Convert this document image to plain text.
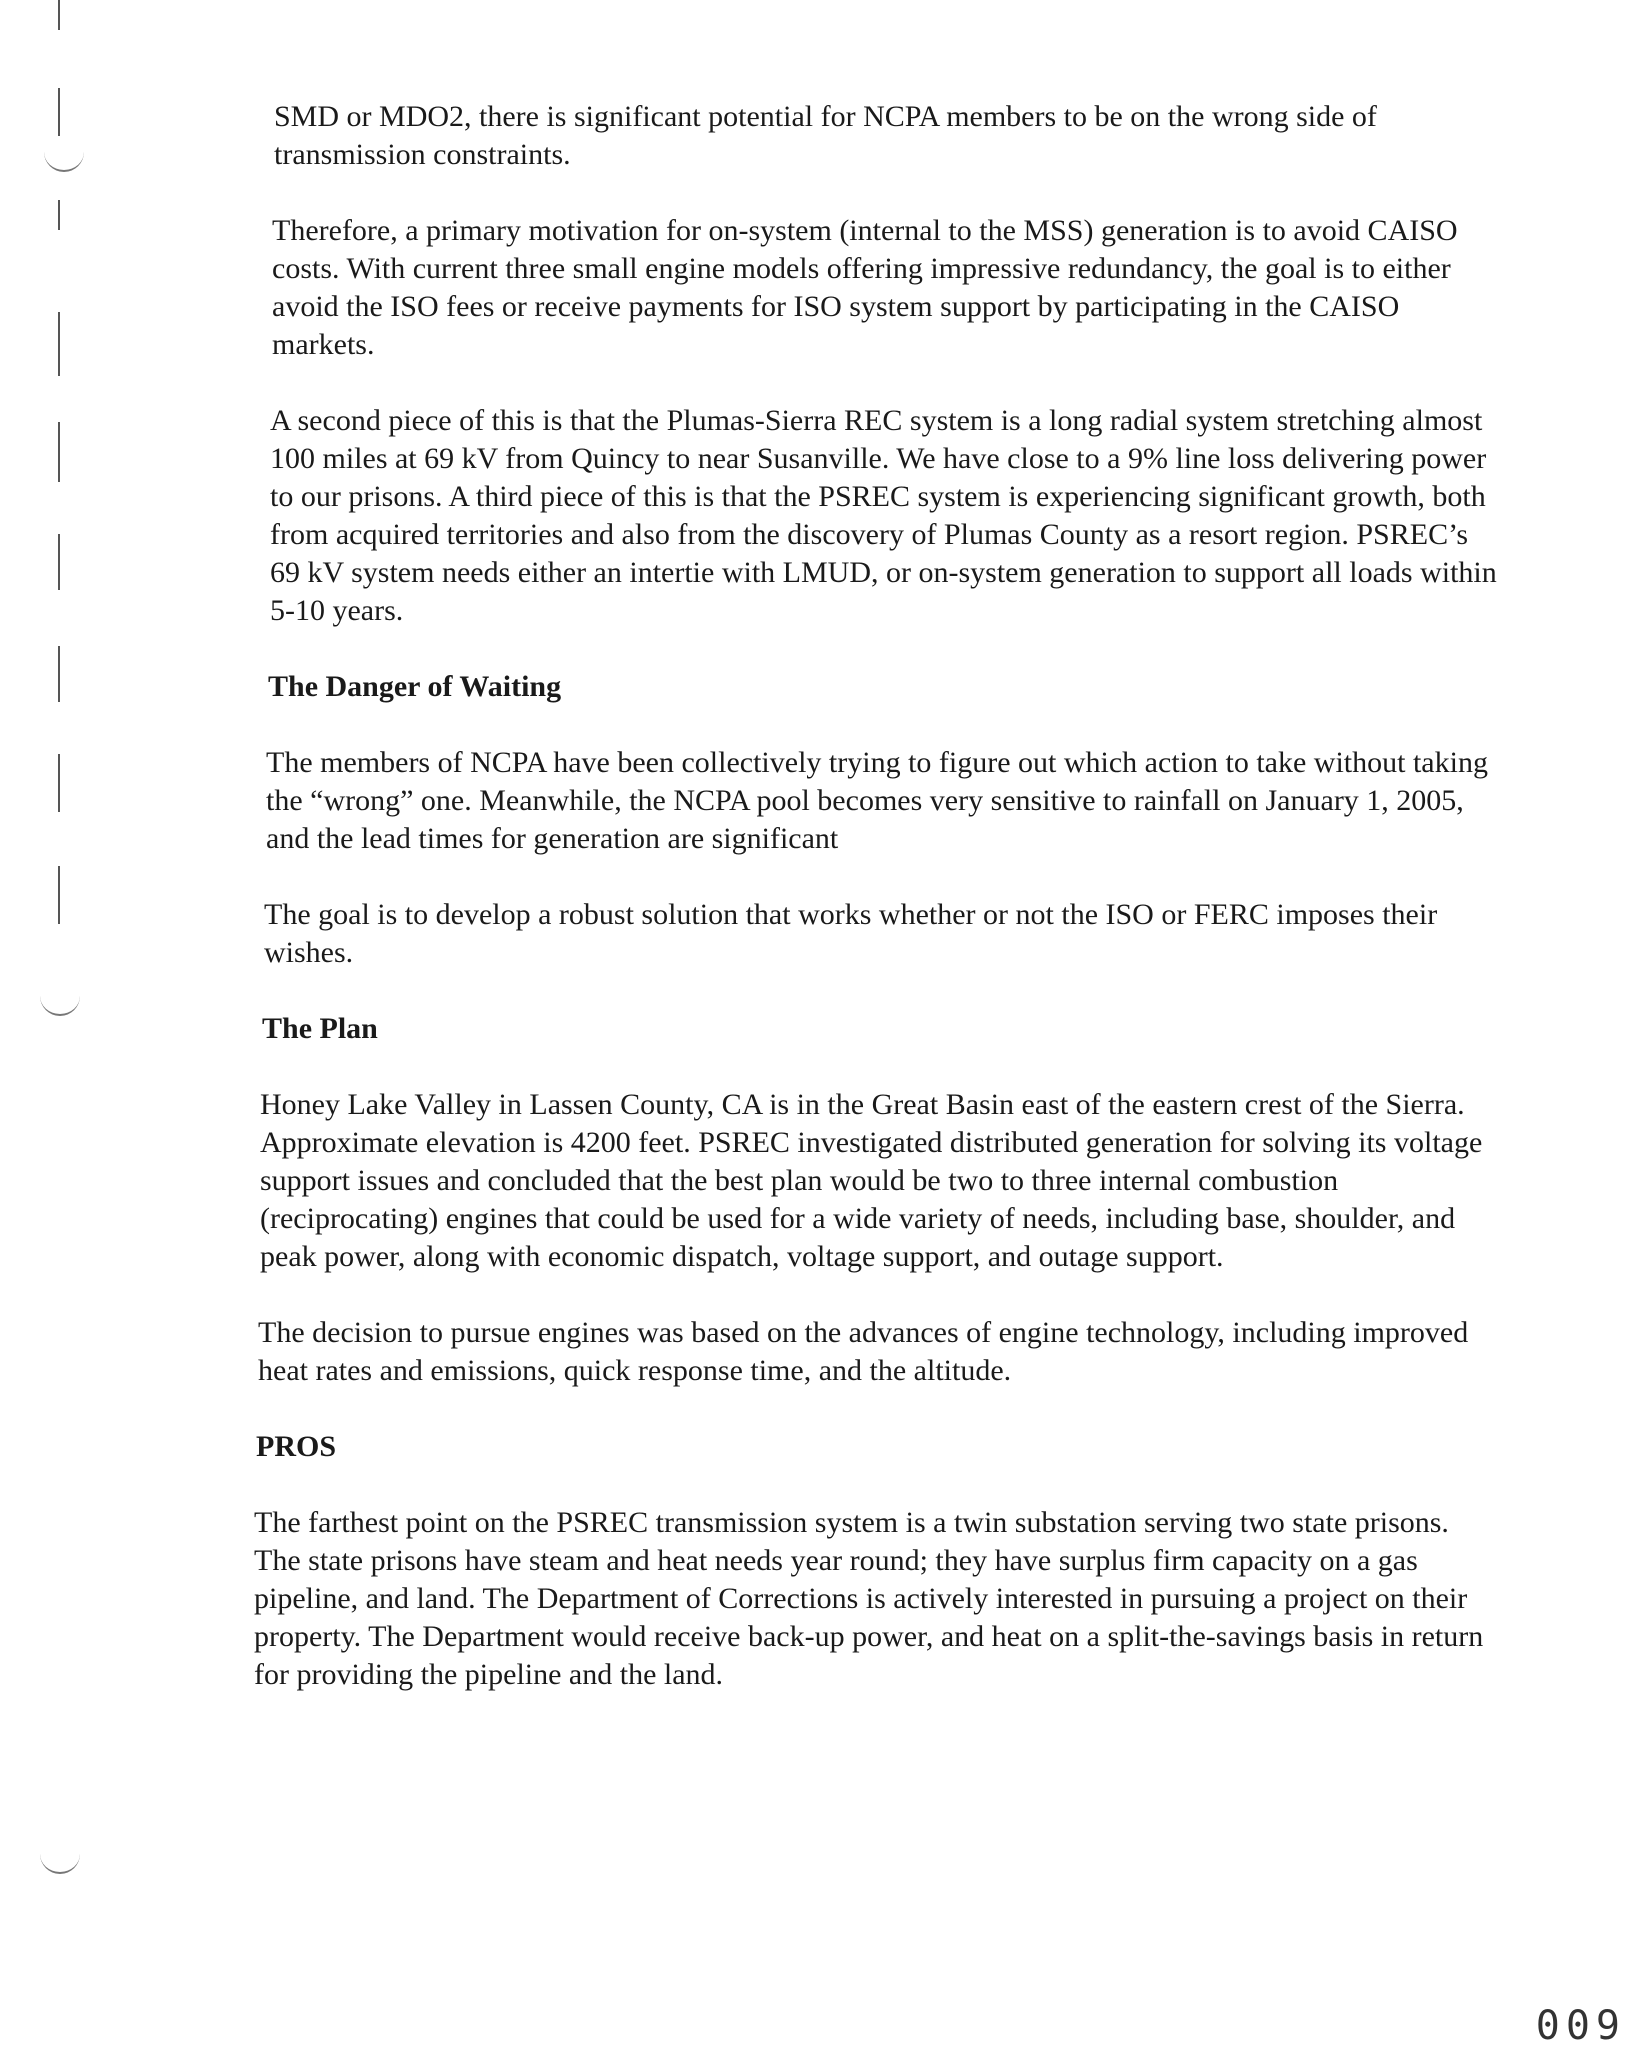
SMD or MDO2, there is significant potential for NCPA members to be on the wrong side of transmission constraints.

Therefore, a primary motivation for on-system (internal to the MSS) generation is to avoid CAISO costs. With current three small engine models offering impressive redundancy, the goal is to either avoid the ISO fees or receive payments for ISO system support by participating in the CAISO markets.

A second piece of this is that the Plumas-Sierra REC system is a long radial system stretching almost 100 miles at 69 kV from Quincy to near Susanville. We have close to a 9% line loss delivering power to our prisons. A third piece of this is that the PSREC system is experiencing significant growth, both from acquired territories and also from the discovery of Plumas County as a resort region. PSREC’s 69 kV system needs either an intertie with LMUD, or on-system generation to support all loads within 5-10 years.

The Danger of Waiting

The members of NCPA have been collectively trying to figure out which action to take without taking the “wrong” one. Meanwhile, the NCPA pool becomes very sensitive to rainfall on January 1, 2005, and the lead times for generation are significant

The goal is to develop a robust solution that works whether or not the ISO or FERC imposes their wishes.

The Plan

Honey Lake Valley in Lassen County, CA is in the Great Basin east of the eastern crest of the Sierra. Approximate elevation is 4200 feet. PSREC investigated distributed generation for solving its voltage support issues and concluded that the best plan would be two to three internal combustion (reciprocating) engines that could be used for a wide variety of needs, including base, shoulder, and peak power, along with economic dispatch, voltage support, and outage support.

The decision to pursue engines was based on the advances of engine technology, including improved heat rates and emissions, quick response time, and the altitude.

PROS

The farthest point on the PSREC transmission system is a twin substation serving two state prisons. The state prisons have steam and heat needs year round; they have surplus firm capacity on a gas pipeline, and land. The Department of Corrections is actively interested in pursuing a project on their property. The Department would receive back-up power, and heat on a split-the-savings basis in return for providing the pipeline and the land.

009
